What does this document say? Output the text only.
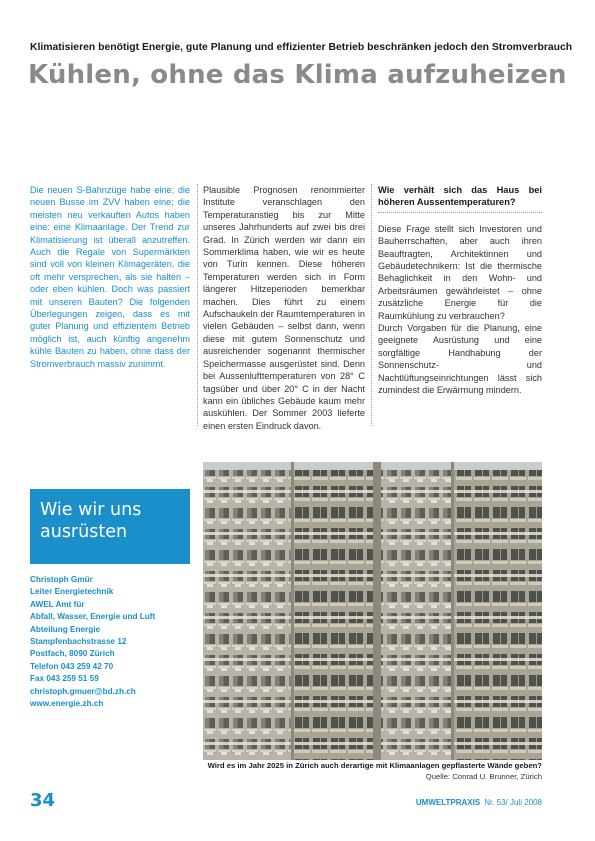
Klimatisieren benötigt Energie, gute Planung und effizienter Betrieb beschränken jedoch den Stromverbrauch
Kühlen, ohne das Klima aufzuheizen

Die neuen S-Bahnzüge habe eine; die neuen Busse im ZVV haben eine; die meisten neu verkauften Autos haben eine: eine Klimaanlage. Der Trend zur Klimatisierung ist überall anzutreffen. Auch die Regale von Supermärkten sind voll von kleinen Klimageräten, die oft mehr versprechen, als sie halten – oder eben kühlen. Doch was passiert mit unseren Bauten? Die folgenden Überlegungen zeigen, dass es mit guter Planung und effizientem Betrieb möglich ist, auch künftig angenehm kühle Bauten zu haben, ohne dass der Stromverbrauch massiv zunimmt.

Plausible Prognosen renommierter Institute veranschlagen den Temperaturanstieg bis zur Mitte unseres Jahrhunderts auf zwei bis drei Grad. In Zürich werden wir dann ein Sommerklima haben, wie wir es heute von Turin kennen. Diese höheren Temperaturen werden sich in Form längerer Hitzeperioden bemerkbar machen. Dies führt zu einem Aufschaukeln der Raumtemperaturen in vielen Gebäuden – selbst dann, wenn diese mit gutem Sonnenschutz und ausreichender sogenannt thermischer Speichermasse ausgerüstet sind. Denn bei Aussenlufttemperaturen von 28° C tagsüber und über 20° C in der Nacht kann ein übliches Gebäude kaum mehr auskühlen. Der Sommer 2003 lieferte einen ersten Eindruck davon.

Wie verhält sich das Haus bei höheren Aussentemperaturen?

Diese Frage stellt sich Investoren und Bauherrschaften, aber auch ihren Beauftragten, Architektinnen und Gebäudetechnikern: Ist die thermische Behaglichkeit in den Wohn- und Arbeitsräumen gewährleistet – ohne zusätzliche Energie für die Raumkühlung zu verbrauchen?

Durch Vorgaben für die Planung, eine geeignete Ausrüstung und eine sorgfältige Handhabung der Sonnenschutz- und Nachtlüftungseinrichtungen lässt sich zumindest die Erwärmung mindern.

Wie wir uns ausrüsten
Christoph Gmür
Leiter Energietechnik
AWEL Amt für
Abfall, Wasser, Energie und Luft
Abteilung Energie
Stampfenbachstrasse 12
Postfach, 8090 Zürich
Telefon 043 259 42 70
Fax 043 259 51 59
christoph.gmuer@bd.zh.ch
www.energie.zh.ch
Wird es im Jahr 2025 in Zürich auch derartige mit Klimaanlagen gepflasterte Wände geben?
Quelle: Conrad U. Brunner, Zürich
34	UMWELTPRAXIS Nr. 53/ Juli 2008
